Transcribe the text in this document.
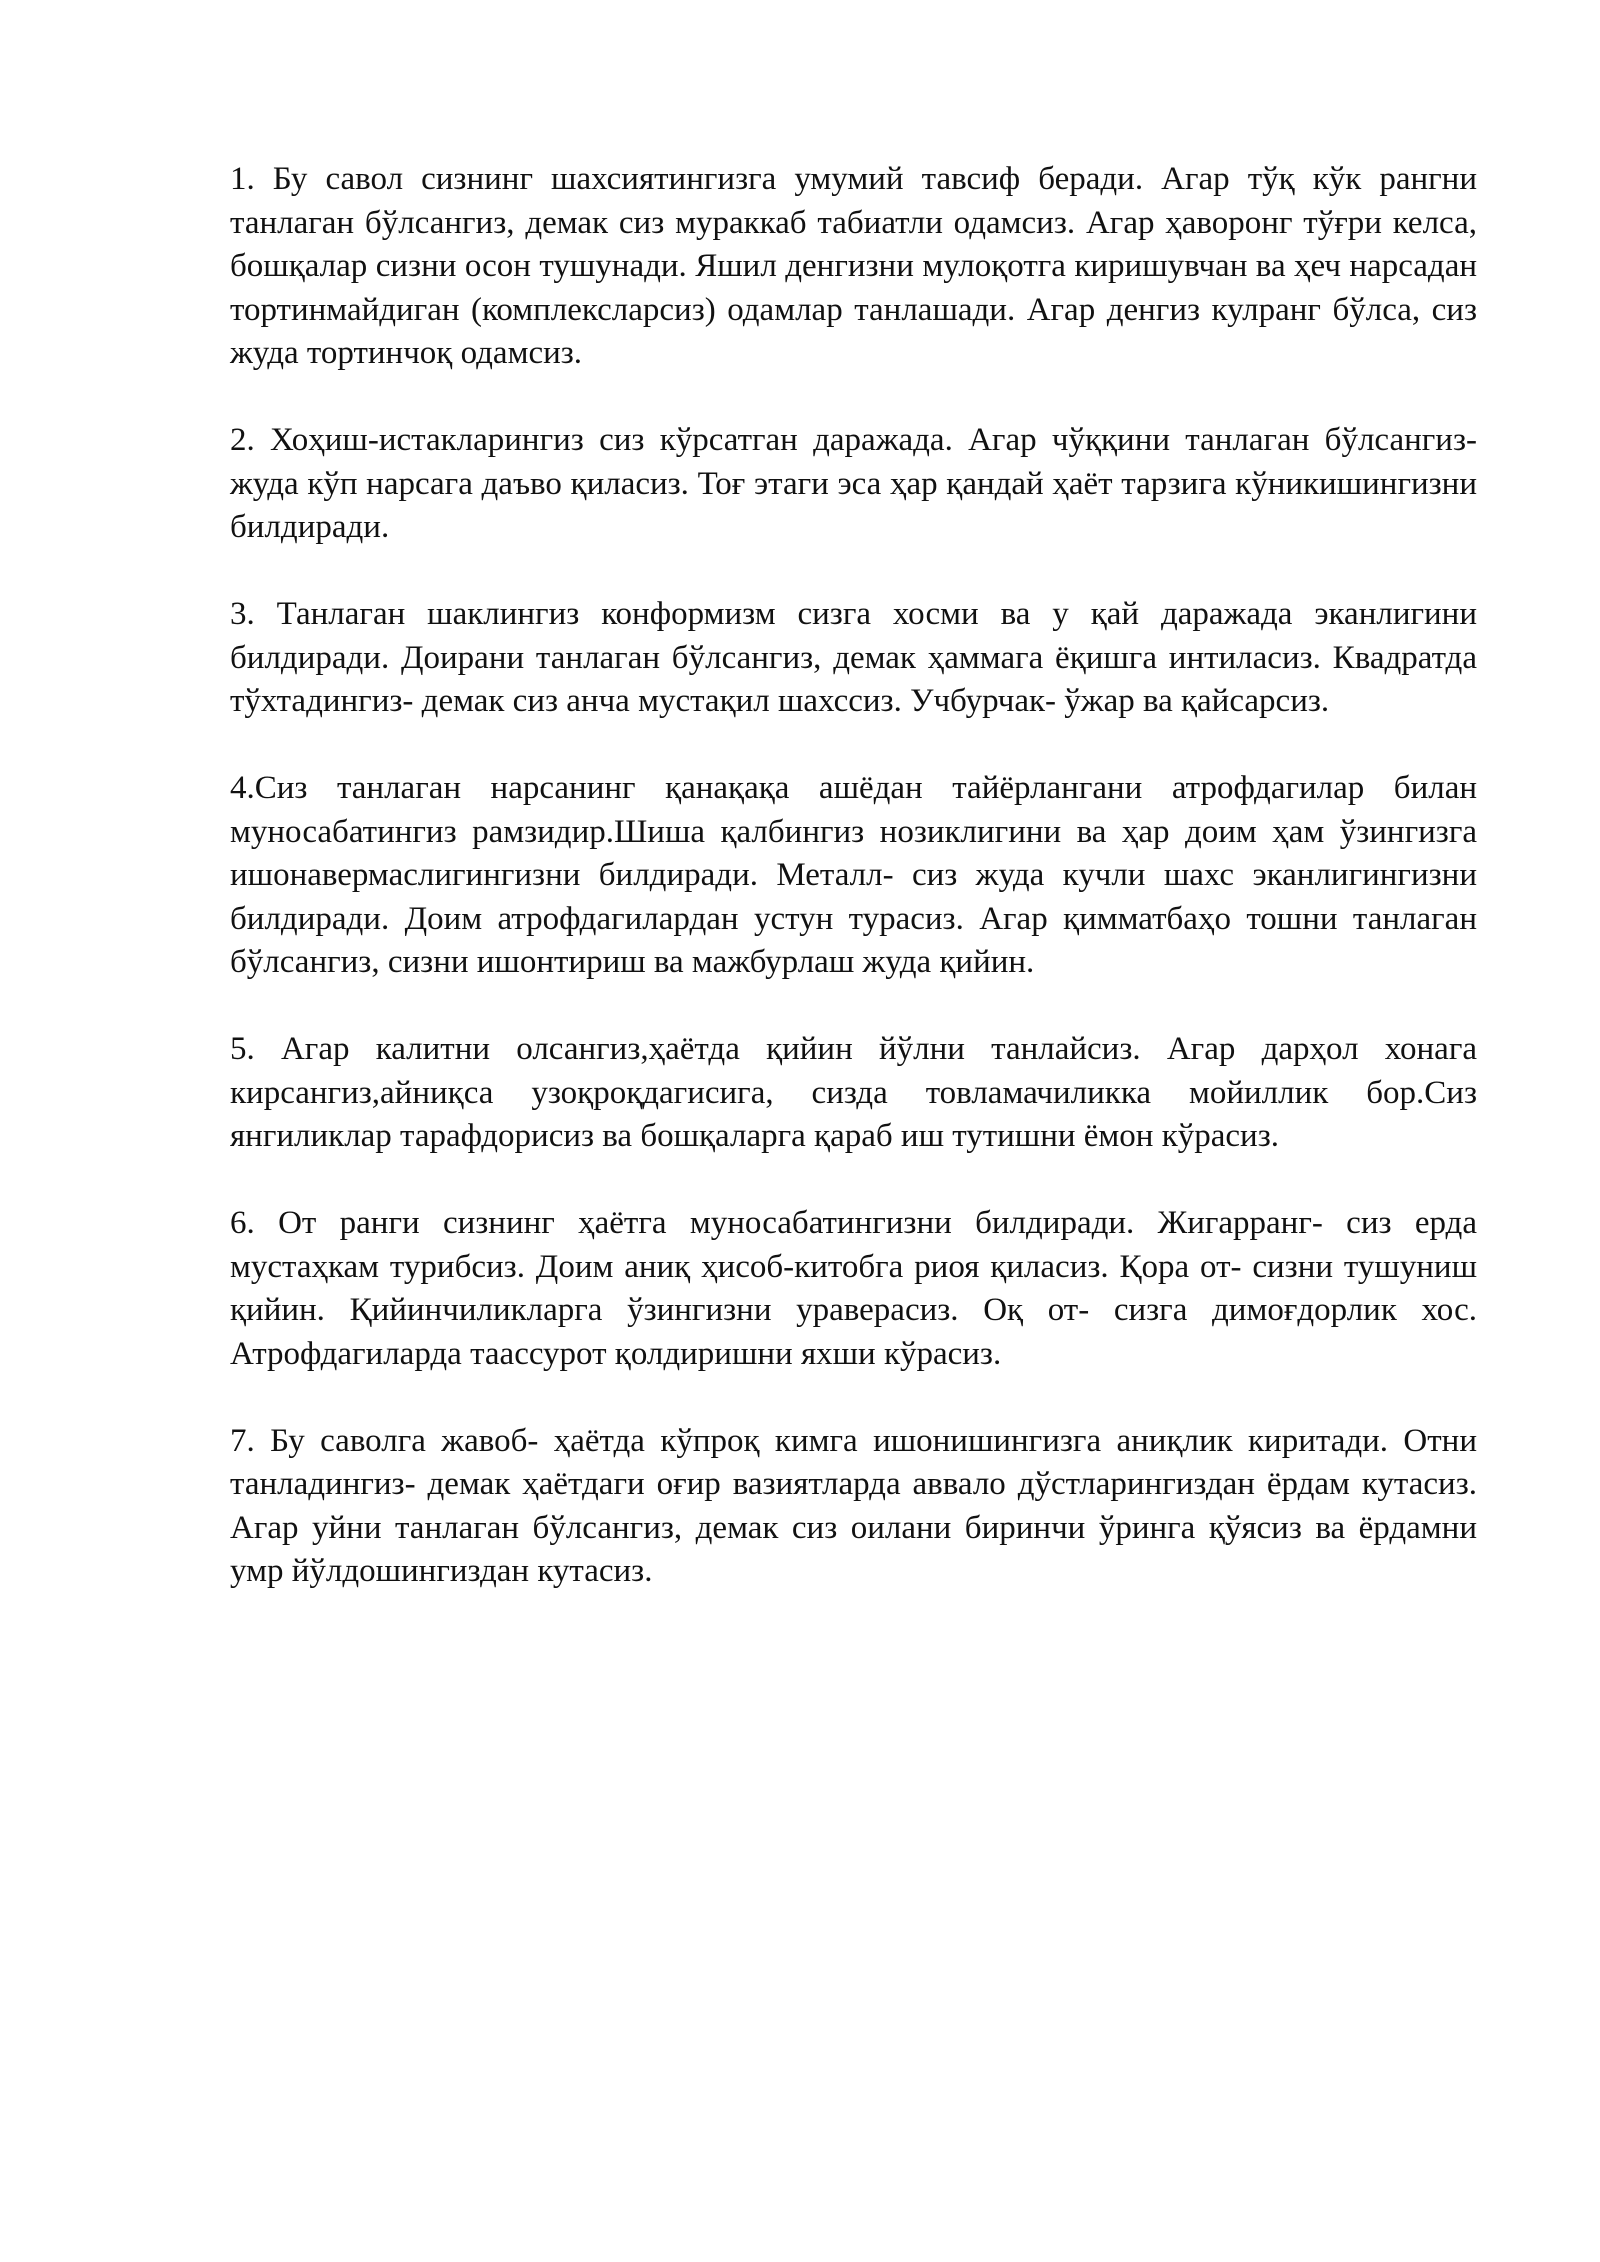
1. Бу савол сизнинг шахсиятингизга умумий тавсиф беради. Агар тўқ кўк рангни танлаган бўлсангиз, демак сиз мураккаб табиатли одамсиз. Агар ҳаворонг тўғри келса, бошқалар сизни осон тушунади. Яшил денгизни мулоқотга киришувчан ва ҳеч нарсадан тортинмайдиган (комплексларсиз) одамлар танлашади. Агар денгиз кулранг бўлса, сиз жуда тортинчоқ одамсиз.

2. Хоҳиш-истакларингиз сиз кўрсатган даражада. Агар чўққини танлаган бўлсангиз- жуда кўп нарсага даъво қиласиз. Тоғ этаги эса ҳар қандай ҳаёт тарзига кўникишингизни билдиради.

3. Танлаган шаклингиз конформизм сизга хосми ва у қай даражада эканлигини билдиради. Доирани танлаган бўлсангиз, демак ҳаммага ёқишга интиласиз. Квадратда тўхтадингиз- демак сиз анча мустақил шахссиз. Учбурчак- ўжар ва қайсарсиз.

4.Сиз танлаган нарсанинг қанақақа ашёдан тайёрлангани атрофдагилар билан муносабатингиз рамзидир.Шиша қалбингиз нозиклигини ва ҳар доим ҳам ўзингизга ишонавермаслигингизни билдиради. Металл- сиз жуда кучли шахс эканлигингизни билдиради. Доим атрофдагилардан устун турасиз. Агар қимматбаҳо тошни танлаган бўлсангиз, сизни ишонтириш ва мажбурлаш жуда қийин.

5. Агар калитни олсангиз,ҳаётда қийин йўлни танлайсиз. Агар дарҳол хонага кирсангиз,айниқса узоқроқдагисига, сизда товламачиликка мойиллик бор.Сиз янгиликлар тарафдорисиз ва бошқаларга қараб иш тутишни ёмон кўрасиз.

6. От ранги сизнинг ҳаётга муносабатингизни билдиради. Жигарранг- сиз ерда мустаҳкам турибсиз. Доим аниқ ҳисоб-китобга риоя қиласиз. Қора от- сизни тушуниш қийин. Қийинчиликларга ўзингизни ураверасиз. Оқ от- сизга димоғдорлик хос. Атрофдагиларда таассурот қолдиришни яхши кўрасиз.

7. Бу саволга жавоб- ҳаётда кўпроқ кимга ишонишингизга аниқлик киритади. Отни танладингиз- демак ҳаётдаги оғир вазиятларда аввало дўстларингиздан ёрдам кутасиз. Агар уйни танлаган бўлсангиз, демак сиз оилани биринчи ўринга қўясиз ва ёрдамни умр йўлдошингиздан кутасиз.
